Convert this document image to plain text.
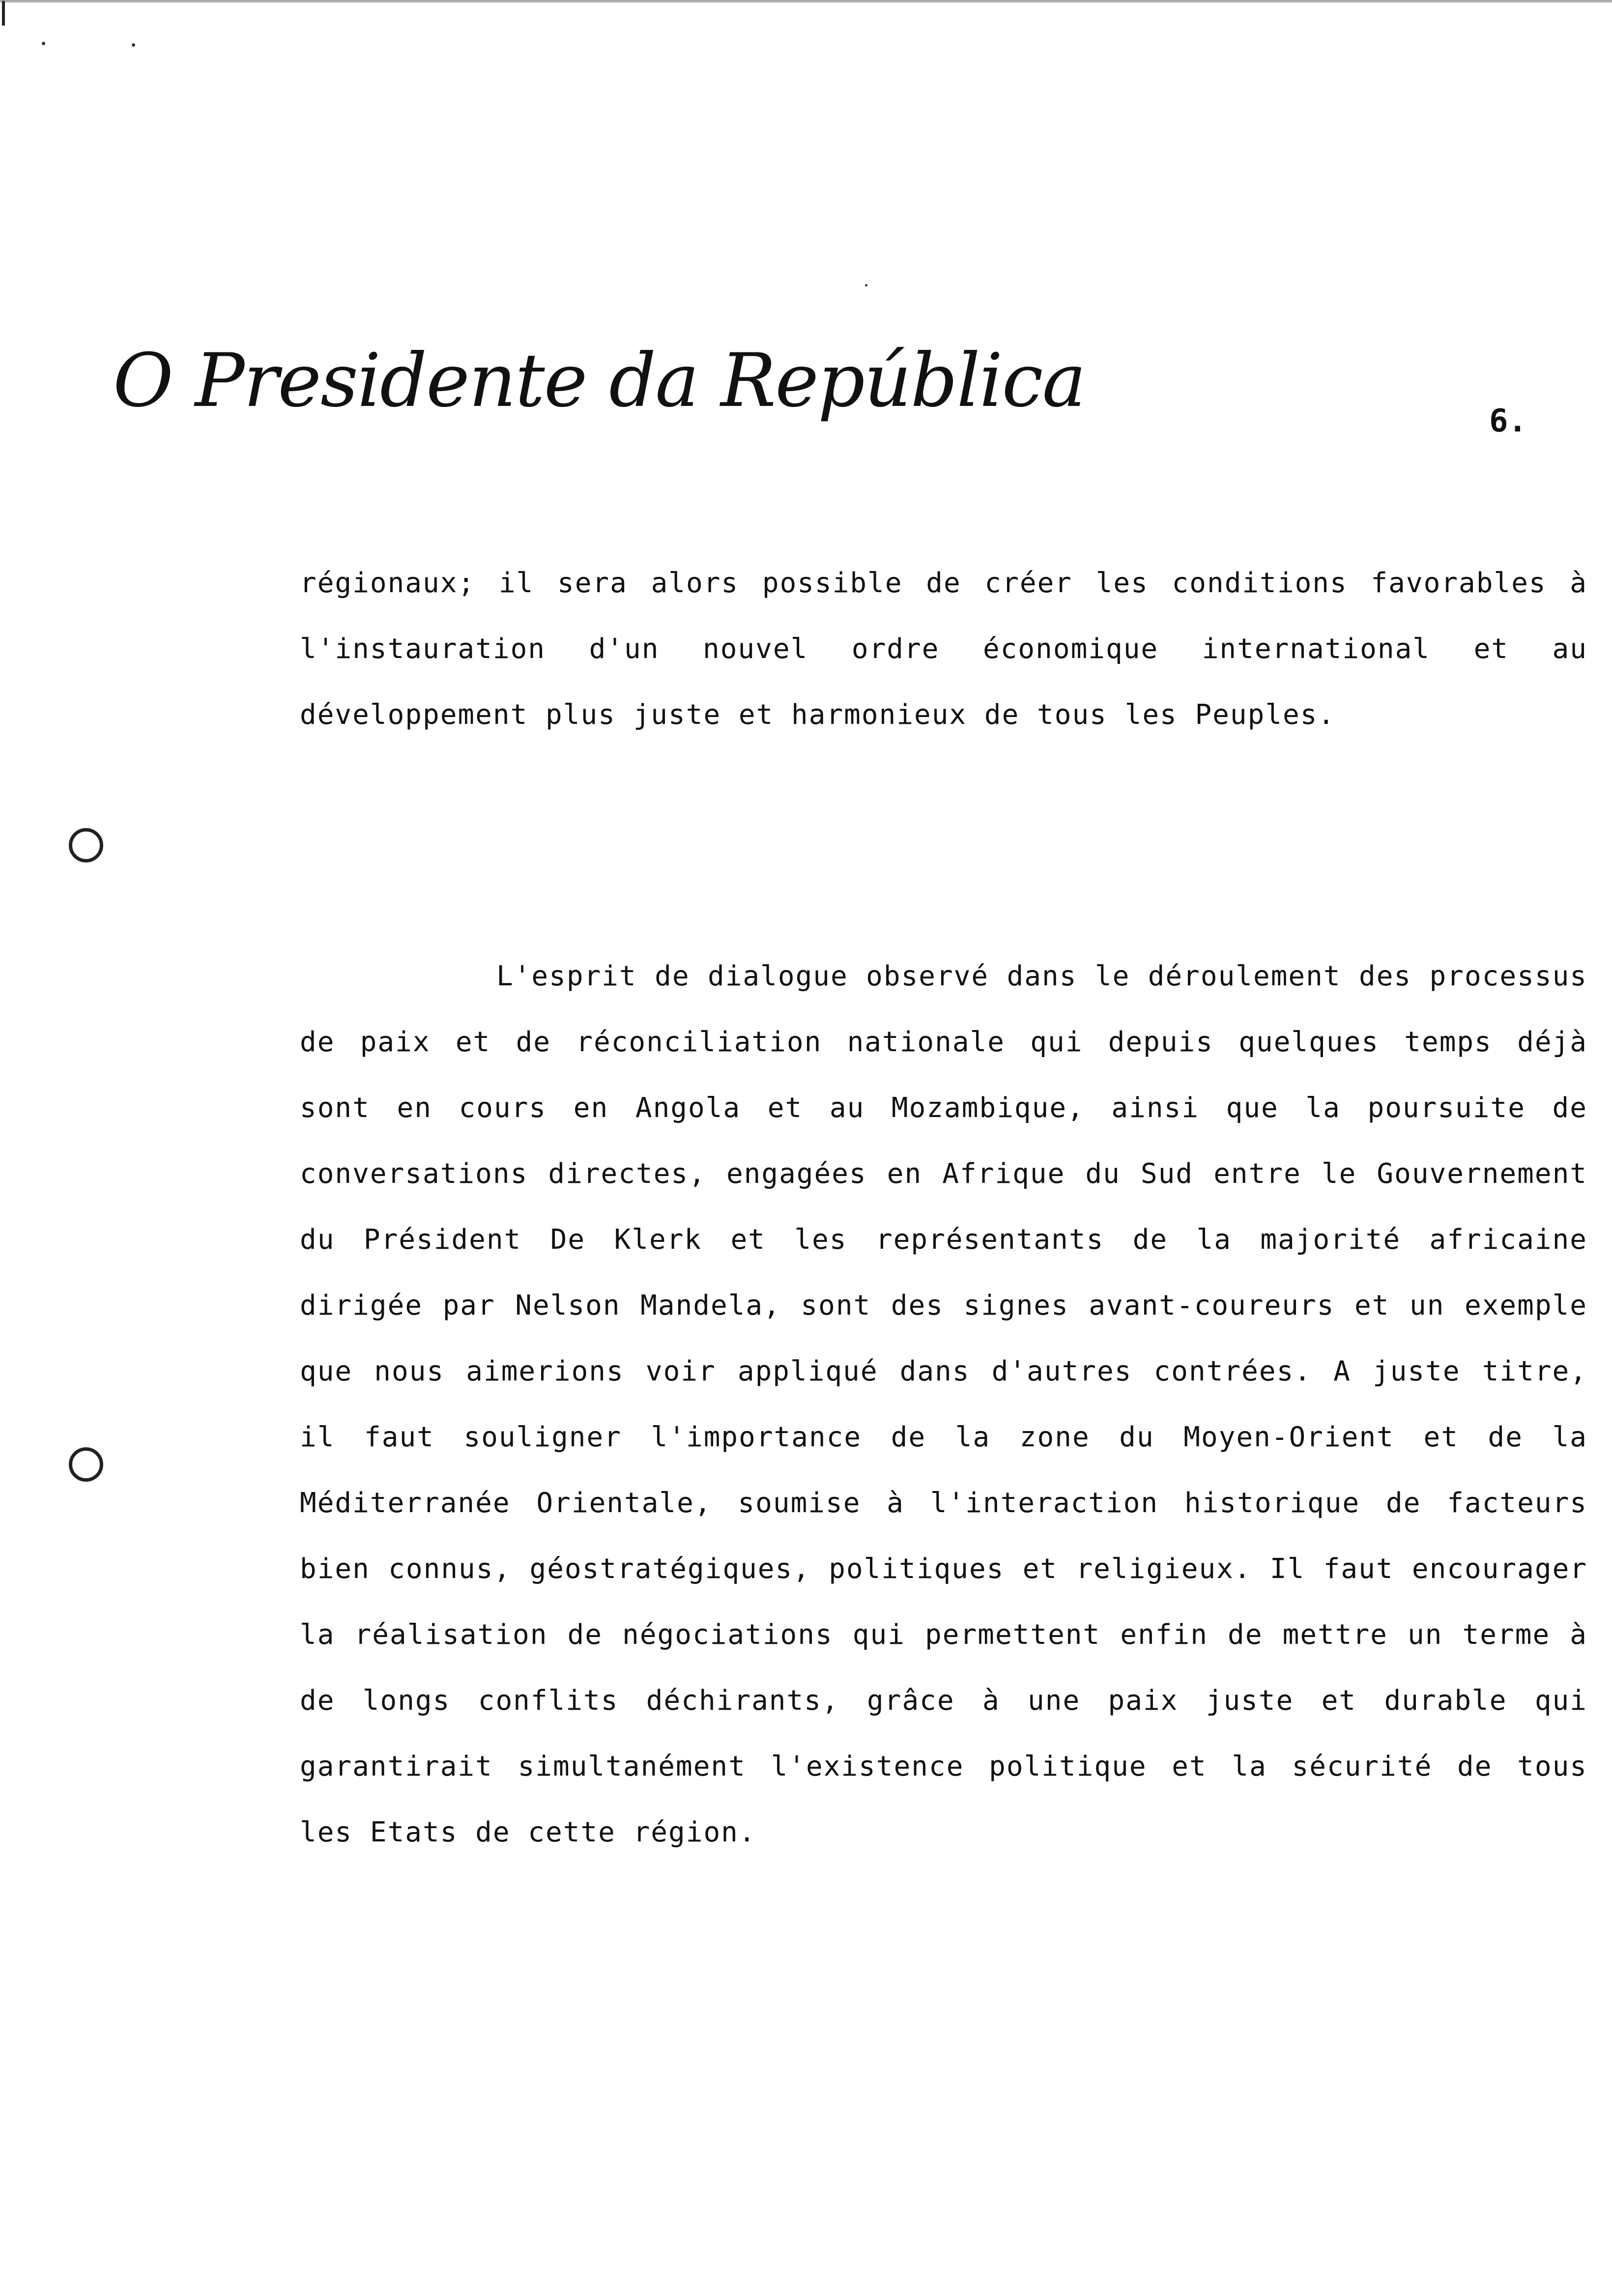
O Presidente da República	6.
régionaux; il sera alors possible de créer les conditions favorables à l'instauration d'un nouvel ordre économique international et au développement plus juste et harmonieux de tous les Peuples.
L'esprit de dialogue observé dans le déroulement des processus de paix et de réconciliation nationale qui depuis quelques temps déjà sont en cours en Angola et au Mozambique, ainsi que la poursuite de conversations directes, engagées en Afrique du Sud entre le Gouvernement du Président De Klerk et les représentants de la majorité africaine dirigée par Nelson Mandela, sont des signes avant-coureurs et un exemple que nous aimerions voir appliqué dans d'autres contrées. A juste titre, il faut souligner l'importance de la zone du Moyen-Orient et de la Méditerranée Orientale, soumise à l'interaction historique de facteurs bien connus, géostratégiques, politiques et religieux. Il faut encourager la réalisation de négociations qui permettent enfin de mettre un terme à de longs conflits déchirants, grâce à une paix juste et durable qui garantirait simultanément l'existence politique et la sécurité de tous les Etats de cette région.
